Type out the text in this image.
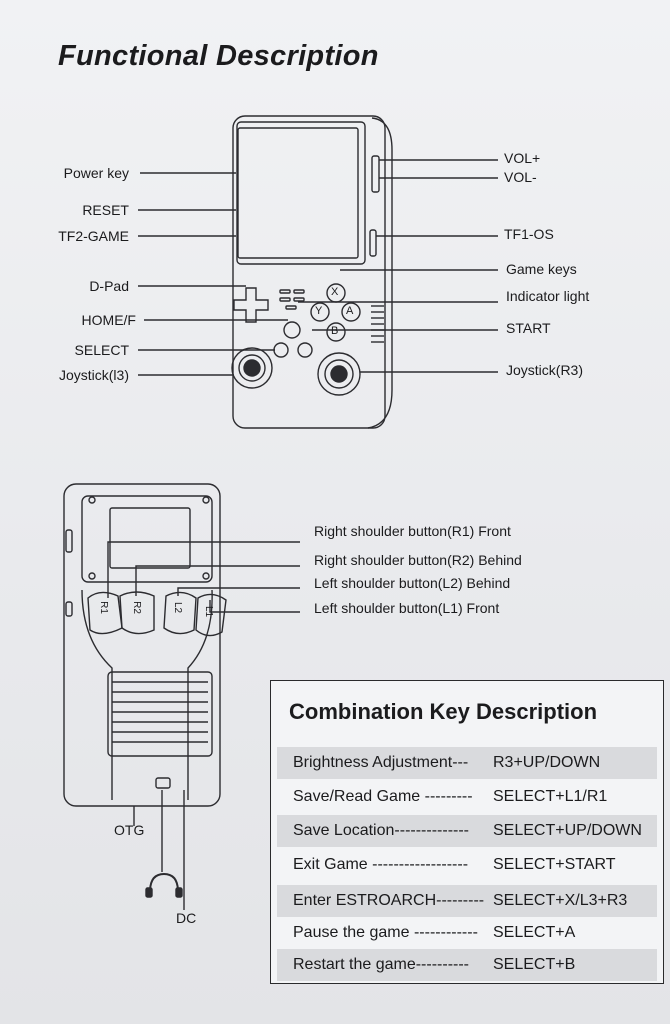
Functional Description
X
Y A
B
Power key
RESET
TF2-GAME
D-Pad
HOME/F
SELECT
Joystick(l3)
VOL+
VOL-
TF1-OS
Game keys
Indicator light
START
Joystick(R3)
R1 R2	L2 L1
Right shoulder button(R1) Front
Right shoulder button(R2) Behind
Left shoulder button(L2) Behind
Left shoulder button(L1) Front
OTG
DC
Combination Key Description
Brightness Adjustment--- R3+UP/DOWN
Save/Read Game --------- SELECT+L1/R1
Save Location-------------- SELECT+UP/DOWN
Exit Game ------------------ SELECT+START
Enter ESTROARCH--------- SELECT+X/L3+R3
Pause the game ------------ SELECT+A
Restart the game---------- SELECT+B
